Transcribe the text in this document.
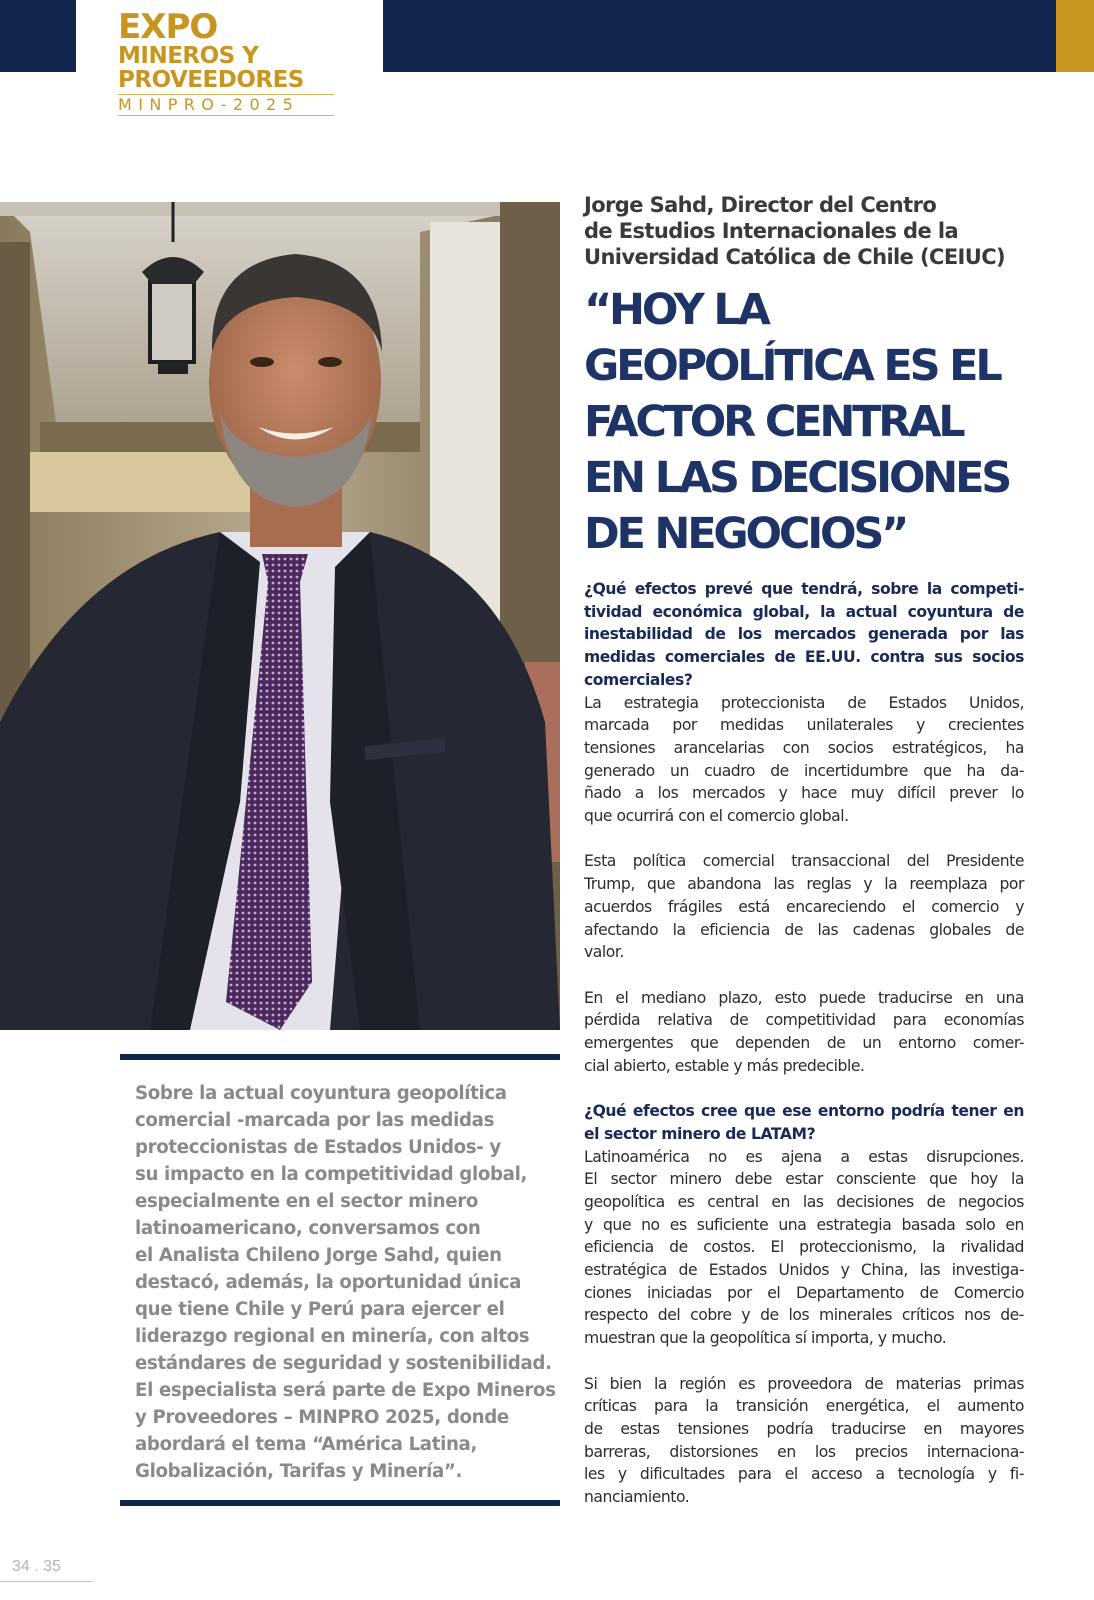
EXPO
MINEROS Y
PROVEEDORES
MINPRO-2025
Sobre la actual coyuntura geopolítica
comercial -marcada por las medidas
proteccionistas de Estados Unidos- y
su impacto en la competitividad global,
especialmente en el sector minero
latinoamericano, conversamos con
el Analista Chileno Jorge Sahd, quien
destacó, además, la oportunidad única
que tiene Chile y Perú para ejercer el
liderazgo regional en minería, con altos
estándares de seguridad y sostenibilidad.
El especialista será parte de Expo Mineros
y Proveedores – MINPRO 2025, donde
abordará el tema “América Latina,
Globalización, Tarifas y Minería”.
Jorge Sahd, Director del Centro
de Estudios Internacionales de la
Universidad Católica de Chile (CEIUC)
“HOY LA
GEOPOLÍTICA ES EL
FACTOR CENTRAL
EN LAS DECISIONES
DE NEGOCIOS”
¿Qué efectos prevé que tendrá, sobre la competi-
tividad económica global, la actual coyuntura de
inestabilidad de los mercados generada por las
medidas comerciales de EE.UU. contra sus socios
comerciales?
La estrategia proteccionista de Estados Unidos,
marcada por medidas unilaterales y crecientes
tensiones arancelarias con socios estratégicos, ha
generado un cuadro de incertidumbre que ha da-
ñado a los mercados y hace muy difícil prever lo
que ocurrirá con el comercio global.
Esta política comercial transaccional del Presidente
Trump, que abandona las reglas y la reemplaza por
acuerdos frágiles está encareciendo el comercio y
afectando la eficiencia de las cadenas globales de
valor.
En el mediano plazo, esto puede traducirse en una
pérdida relativa de competitividad para economías
emergentes que dependen de un entorno comer-
cial abierto, estable y más predecible.
¿Qué efectos cree que ese entorno podría tener en
el sector minero de LATAM?
Latinoamérica no es ajena a estas disrupciones.
El sector minero debe estar consciente que hoy la
geopolítica es central en las decisiones de negocios
y que no es suficiente una estrategia basada solo en
eficiencia de costos. El proteccionismo, la rivalidad
estratégica de Estados Unidos y China, las investiga-
ciones iniciadas por el Departamento de Comercio
respecto del cobre y de los minerales críticos nos de-
muestran que la geopolítica sí importa, y mucho.
Si bien la región es proveedora de materias primas
críticas para la transición energética, el aumento
de estas tensiones podría traducirse en mayores
barreras, distorsiones en los precios internaciona-
les y dificultades para el acceso a tecnología y fi-
nanciamiento.
34 . 35
